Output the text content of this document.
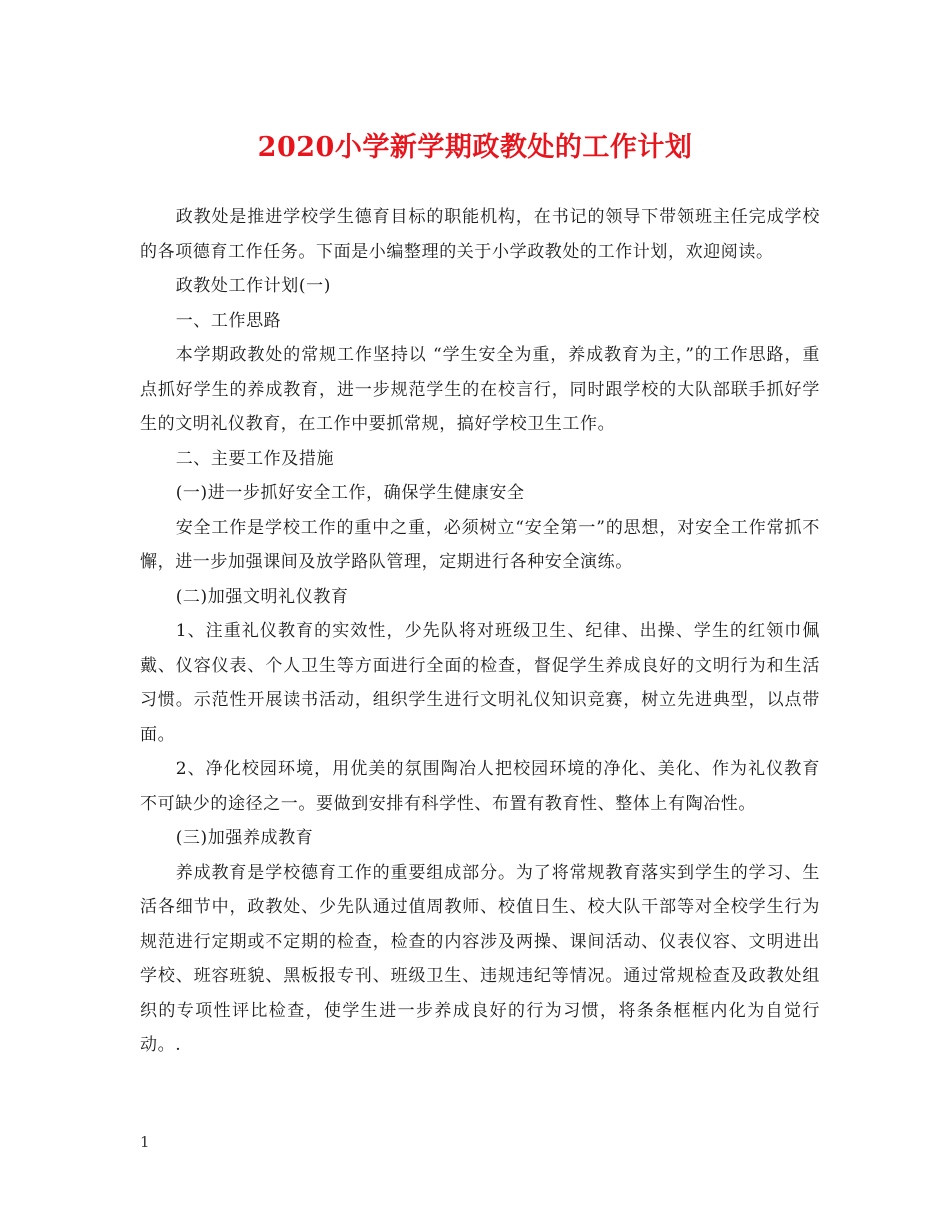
2020小学新学期政教处的工作计划

政教处是推进学校学生德育目标的职能机构，在书记的领导下带领班主任完成学校的各项德育工作任务。下面是小编整理的关于小学政教处的工作计划，欢迎阅读。

政教处工作计划(一)

一、工作思路

本学期政教处的常规工作坚持以 “学生安全为重，养成教育为主，”的工作思路，重点抓好学生的养成教育，进一步规范学生的在校言行，同时跟学校的大队部联手抓好学生的文明礼仪教育，在工作中要抓常规，搞好学校卫生工作。

二、主要工作及措施

(一)进一步抓好安全工作，确保学生健康安全

安全工作是学校工作的重中之重，必须树立“安全第一”的思想，对安全工作常抓不懈，进一步加强课间及放学路队管理，定期进行各种安全演练。

(二)加强文明礼仪教育

1、注重礼仪教育的实效性，少先队将对班级卫生、纪律、出操、学生的红领巾佩戴、仪容仪表、个人卫生等方面进行全面的检查，督促学生养成良好的文明行为和生活习惯。示范性开展读书活动，组织学生进行文明礼仪知识竞赛，树立先进典型，以点带面。

2、净化校园环境，用优美的氛围陶冶人把校园环境的净化、美化、作为礼仪教育不可缺少的途径之一。要做到安排有科学性、布置有教育性、整体上有陶冶性。

(三)加强养成教育

养成教育是学校德育工作的重要组成部分。为了将常规教育落实到学生的学习、生活各细节中，政教处、少先队通过值周教师、校值日生、校大队干部等对全校学生行为规范进行定期或不定期的检查，检查的内容涉及两操、课间活动、仪表仪容、文明进出学校、班容班貌、黑板报专刊、班级卫生、违规违纪等情况。通过常规检查及政教处组织的专项性评比检查，使学生进一步养成良好的行为习惯，将条条框框内化为自觉行动。.

1
